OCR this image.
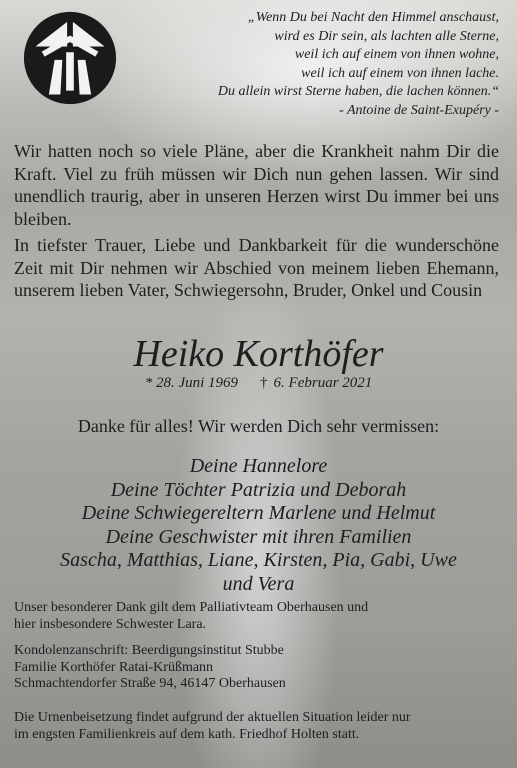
„Wenn Du bei Nacht den Himmel anschaust,
wird es Dir sein, als lachten alle Sterne,
weil ich auf einem von ihnen wohne,
weil ich auf einem von ihnen lache.
Du allein wirst Sterne haben, die lachen können.“
- Antoine de Saint-Exupéry -
Wir hatten noch so viele Pläne, aber die Krankheit nahm Dir die Kraft. Viel zu früh müssen wir Dich nun gehen lassen. Wir sind unendlich traurig, aber in unseren Herzen wirst Du immer bei uns bleiben.
In tiefster Trauer, Liebe und Dankbarkeit für die wunderschöne Zeit mit Dir nehmen wir Abschied von meinem lieben Ehemann, unserem lieben Vater, Schwiegersohn, Bruder, Onkel und Cousin
Heiko Korthöfer
* 28. Juni 1969 † 6. Februar 2021
Danke für alles! Wir werden Dich sehr vermissen:
Deine Hannelore
Deine Töchter Patrizia und Deborah
Deine Schwiegereltern Marlene und Helmut
Deine Geschwister mit ihren Familien
Sascha, Matthias, Liane, Kirsten, Pia, Gabi, Uwe
und Vera
Unser besonderer Dank gilt dem Palliativteam Oberhausen und
hier insbesondere Schwester Lara.
Kondolenzanschrift: Beerdigungsinstitut Stubbe
Familie Korthöfer Ratai-Krüßmann
Schmachtendorfer Straße 94, 46147 Oberhausen
Die Urnenbeisetzung findet aufgrund der aktuellen Situation leider nur
im engsten Familienkreis auf dem kath. Friedhof Holten statt.
